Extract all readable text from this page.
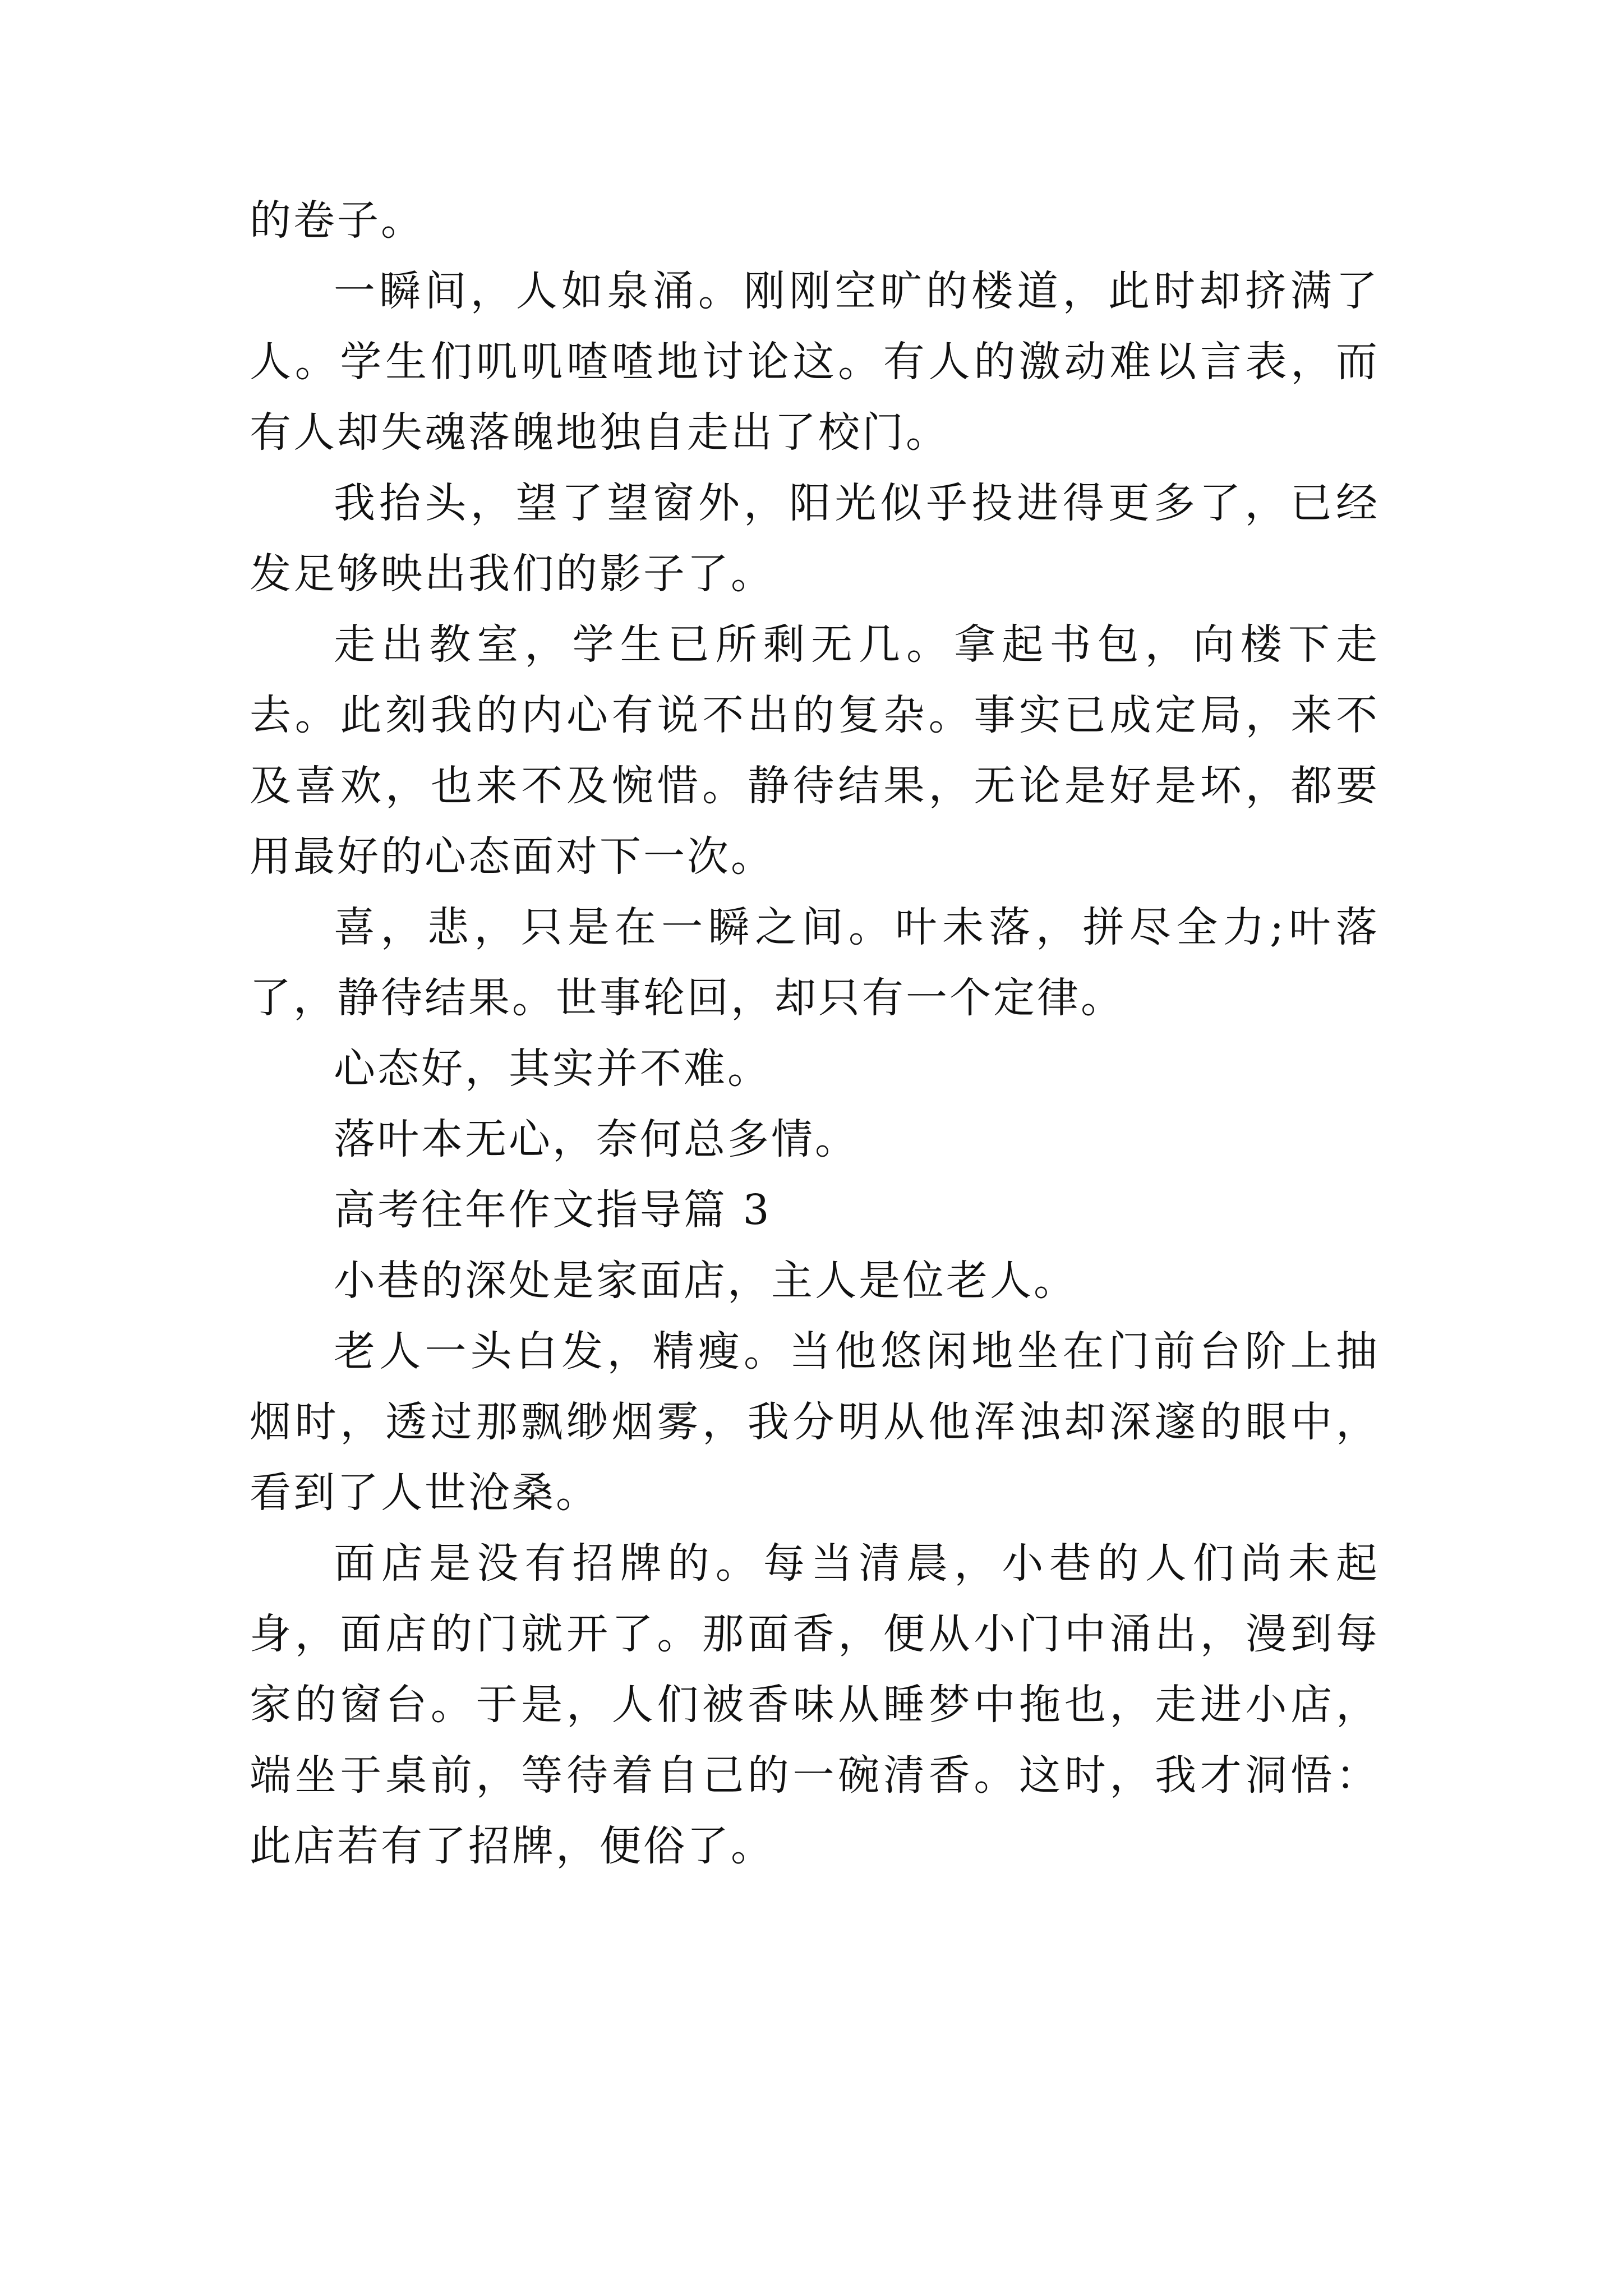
的卷子。

一瞬间，人如泉涌。刚刚空旷的楼道，此时却挤满了人。学生们叽叽喳喳地讨论这。有人的激动难以言表，而有人却失魂落魄地独自走出了校门。

我抬头，望了望窗外，阳光似乎投进得更多了，已经发足够映出我们的影子了。

走出教室，学生已所剩无几。拿起书包，向楼下走去。此刻我的内心有说不出的复杂。事实已成定局，来不及喜欢，也来不及惋惜。静待结果，无论是好是坏，都要用最好的心态面对下一次。

喜，悲，只是在一瞬之间。叶未落，拼尽全力;叶落了，静待结果。世事轮回，却只有一个定律。

心态好，其实并不难。

落叶本无心，奈何总多情。

高考往年作文指导篇 3

小巷的深处是家面店，主人是位老人。

老人一头白发，精瘦。当他悠闲地坐在门前台阶上抽烟时，透过那飘缈烟雾，我分明从他浑浊却深邃的眼中，看到了人世沧桑。

面店是没有招牌的。每当清晨，小巷的人们尚未起身，面店的门就开了。那面香，便从小门中涌出，漫到每家的窗台。于是，人们被香味从睡梦中拖也，走进小店，端坐于桌前，等待着自己的一碗清香。这时，我才洞悟：此店若有了招牌，便俗了。
